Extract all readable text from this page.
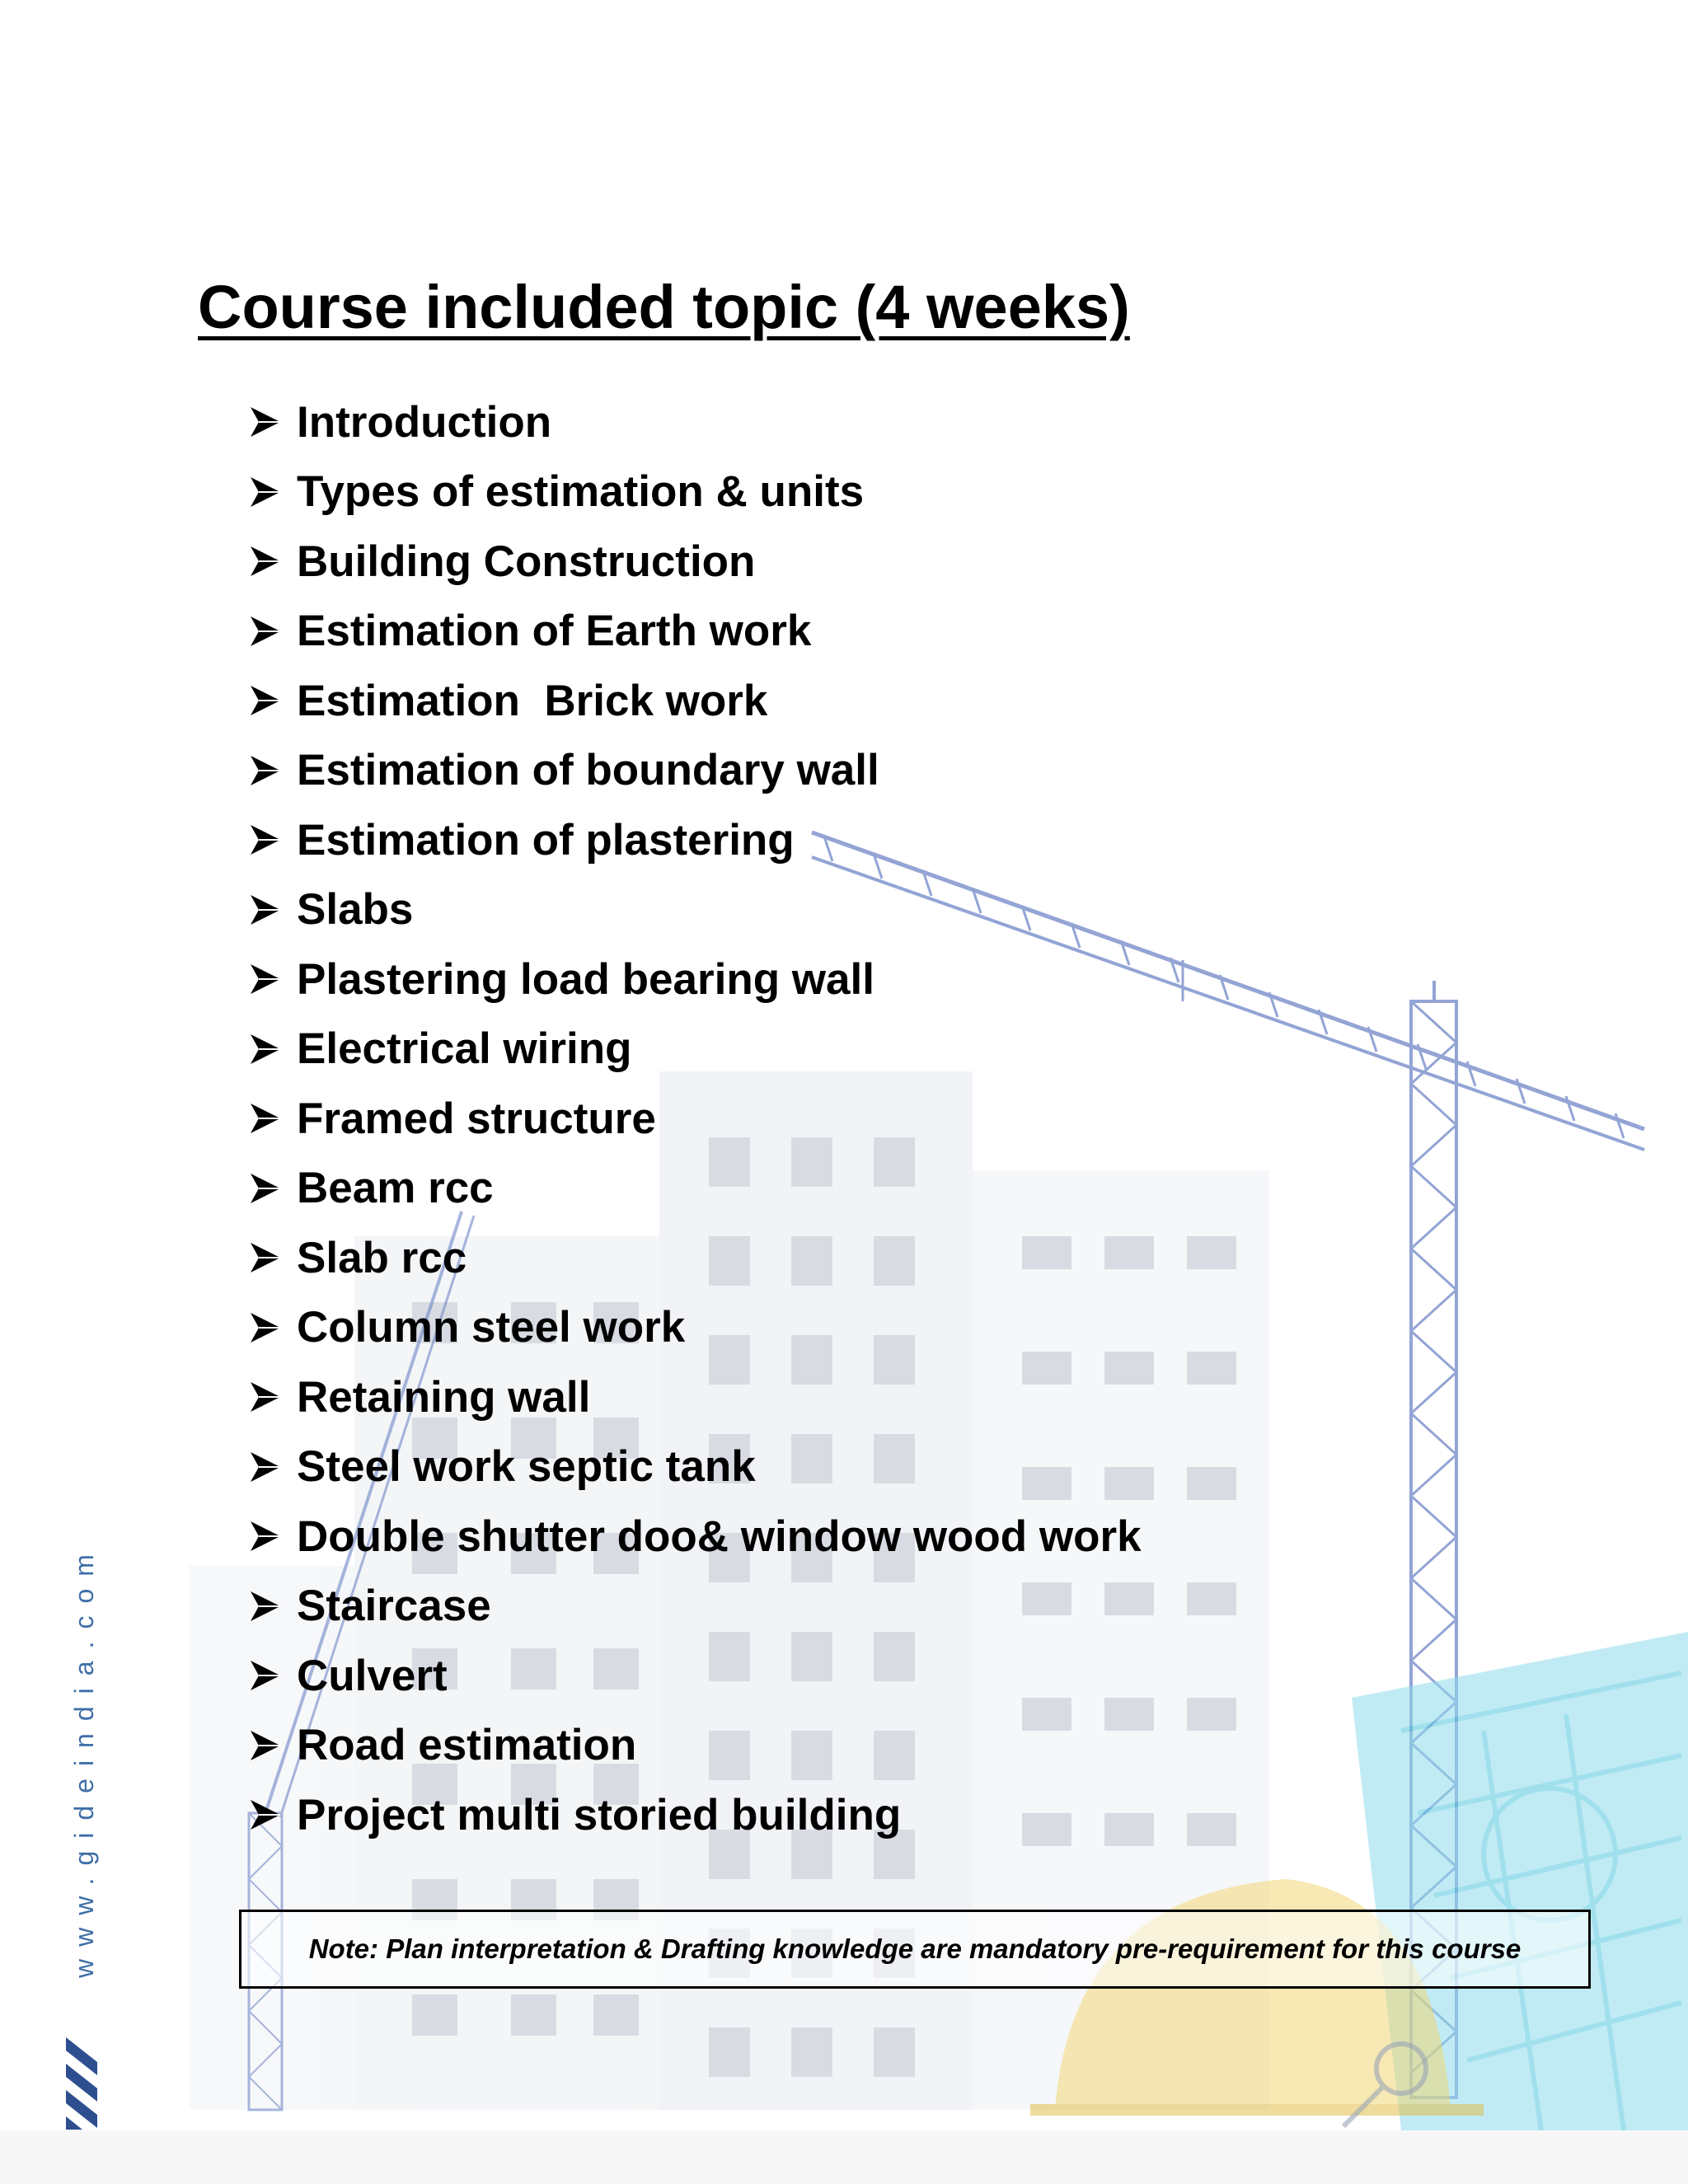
Course included topic (4 weeks)
Introduction
Types of estimation & units
Building Construction
Estimation of Earth work
Estimation  Brick work
Estimation of boundary wall
Estimation of plastering
Slabs
Plastering load bearing wall
Electrical wiring
Framed structure
Beam rcc
Slab rcc
Column steel work
Retaining wall
Steel work septic tank
Double shutter doo& window wood work
Staircase
Culvert
Road estimation
Project multi storied building
Note: Plan interpretation & Drafting knowledge are mandatory pre-requirement for this course
www.gideindia.com
